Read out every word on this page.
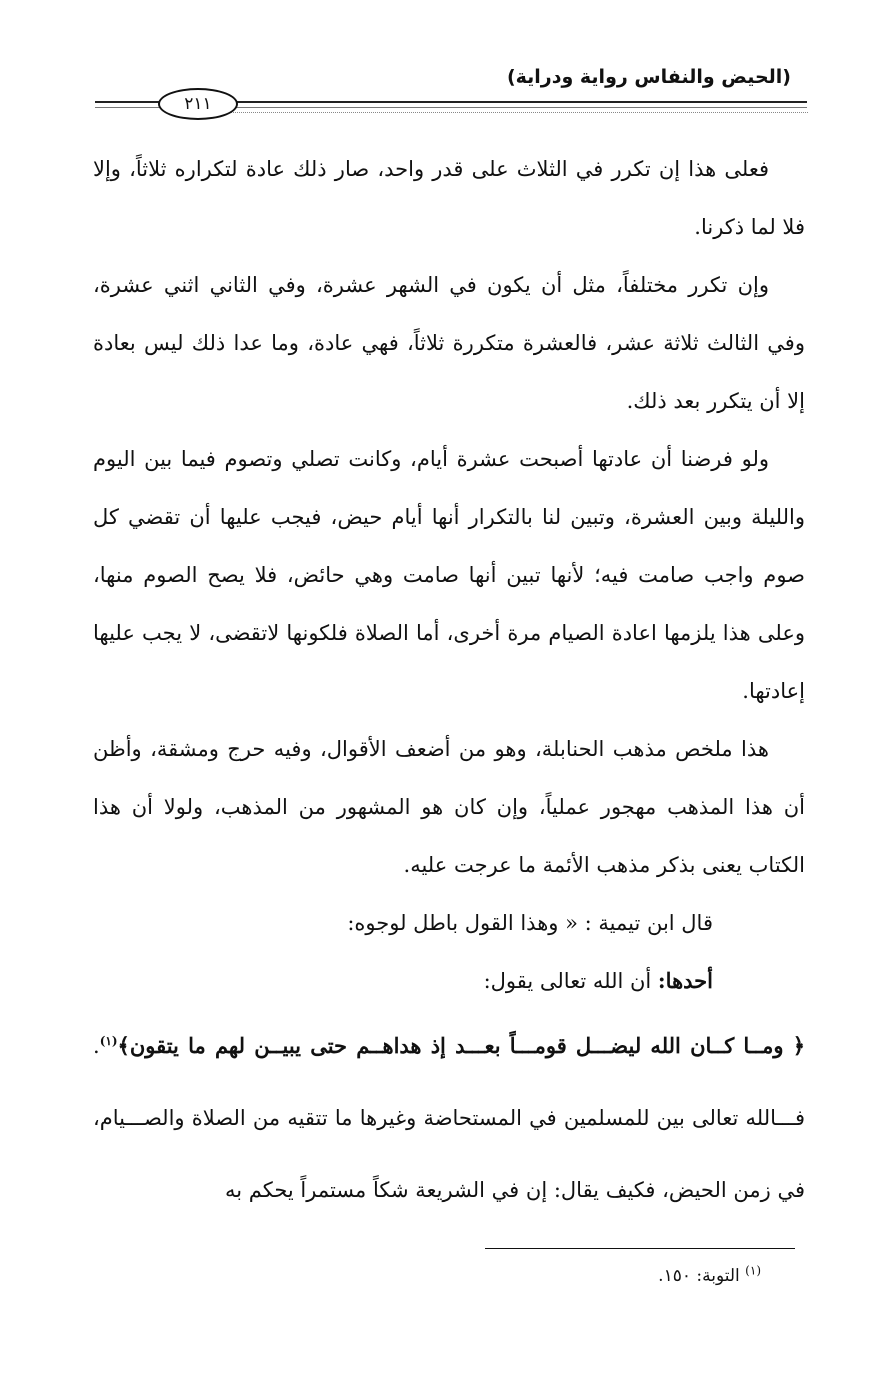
(الحيض والنفاس رواية ودراية)
٢١١

فعلى هذا إن تكرر في الثلاث على قدر واحد، صار ذلك عادة لتكراره ثلاثاً، وإلا فلا لما ذكرنا.

وإن تكرر مختلفاً، مثل أن يكون في الشهر عشرة، وفي الثاني اثني عشرة، وفي الثالث ثلاثة عشر، فالعشرة متكررة ثلاثاً، فهي عادة، وما عدا ذلك ليس بعادة إلا أن يتكرر بعد ذلك.

ولو فرضنا أن عادتها أصبحت عشرة أيام، وكانت تصلي وتصوم فيما بين اليوم والليلة وبين العشرة، وتبين لنا بالتكرار أنها أيام حيض، فيجب عليها أن تقضي كل صوم واجب صامت فيه؛ لأنها تبين أنها صامت وهي حائض، فلا يصح الصوم منها، وعلى هذا يلزمها اعادة الصيام مرة أخرى، أما الصلاة فلكونها لاتقضى، لا يجب عليها إعادتها.

هذا ملخص مذهب الحنابلة، وهو من أضعف الأقوال، وفيه حرج ومشقة، وأظن أن هذا المذهب مهجور عملياً، وإن كان هو المشهور من المذهب، ولولا أن هذا الكتاب يعنى بذكر مذهب الأئمة ما عرجت عليه.

قال ابن تيمية : « وهذا القول باطل لوجوه:

أحدها: أن الله تعالى يقول:

﴿ ومــا كــان الله ليضـــل قومـــاً بعـــد إذ هداهــم حتى يبيــن لهم ما يتقون﴾$^{(١)}$. فـــالله تعالى بين للمسلمين في المستحاضة وغيرها ما تتقيه من الصلاة والصـــيام، في زمن الحيض، فكيف يقال: إن في الشريعة شكاً مستمراً يحكم به

$^{(١)}$ التوبة: ١٥٠.
